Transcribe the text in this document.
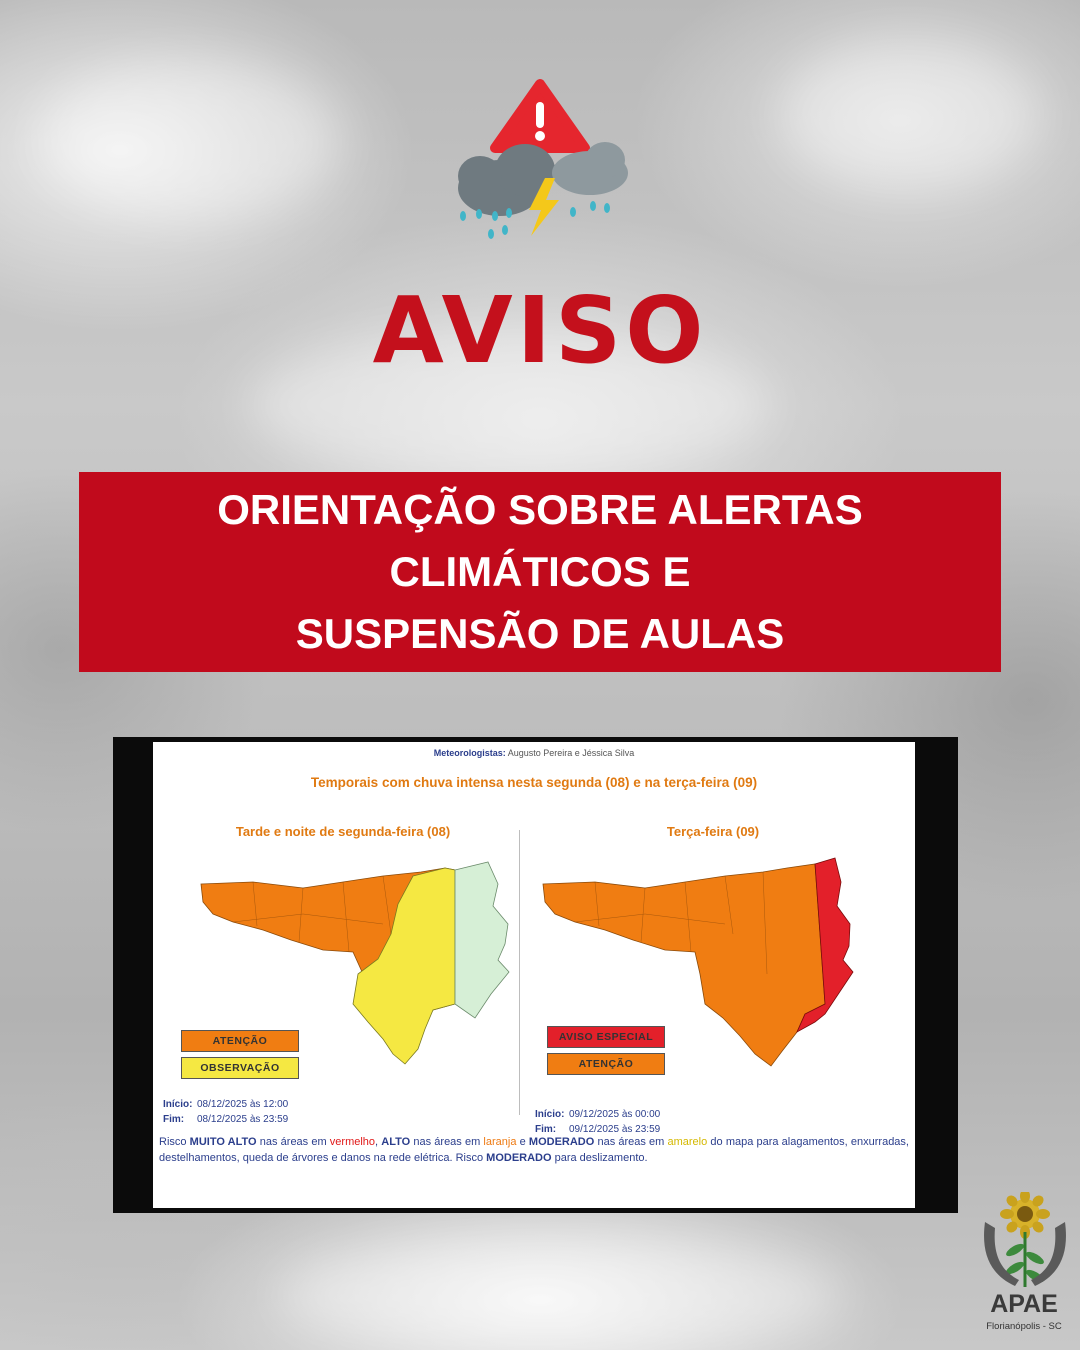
AVISO
ORIENTAÇÃO SOBRE ALERTAS
CLIMÁTICOS E
SUSPENSÃO DE AULAS
Meteorologistas: Augusto Pereira e Jéssica Silva
Temporais com chuva intensa nesta segunda (08) e na terça-feira (09)
Tarde e noite de segunda-feira (08)	Terça-feira (09)
ATENÇÃO
OBSERVAÇÃO
Início: 08/12/2025 às 12:00
Fim: 08/12/2025 às 23:59
AVISO ESPECIAL
ATENÇÃO
Início: 09/12/2025 às 00:00
Fim: 09/12/2025 às 23:59
Risco MUITO ALTO nas áreas em vermelho, ALTO nas áreas em laranja e MODERADO nas áreas em amarelo do mapa para alagamentos, enxurradas, destelhamentos, queda de árvores e danos na rede elétrica. Risco MODERADO para deslizamento.
APAE
Florianópolis - SC
